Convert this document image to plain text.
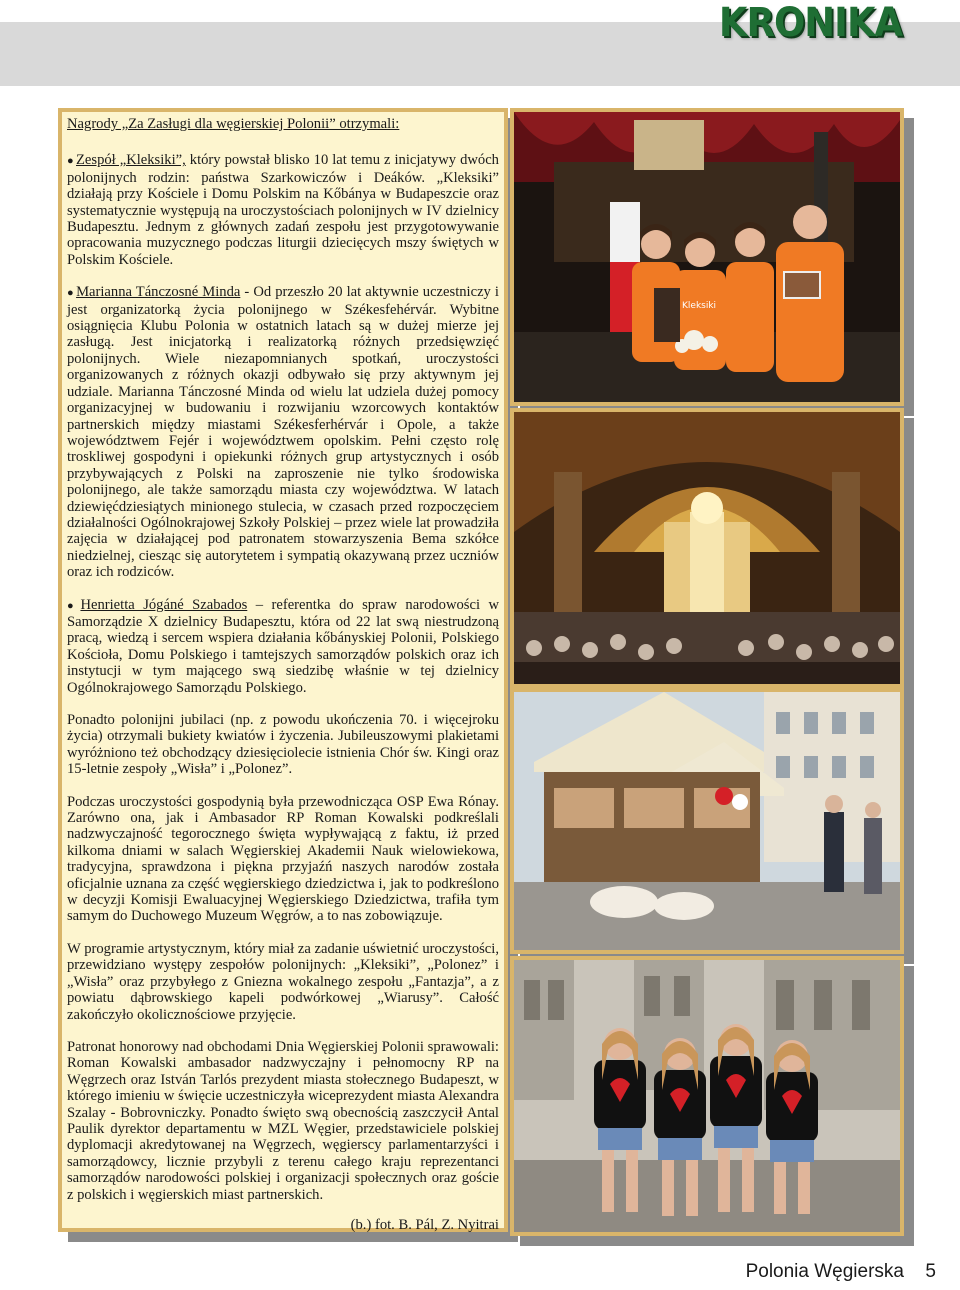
KRONIKA

Nagrody „Za Zasługi dla węgierskiej Polonii” otrzymali:

● Zespół „Kleksiki”, który powstał blisko 10 lat temu z inicjatywy dwóch polonijnych rodzin: państwa Szarkowiczów i Deáków. „Kleksiki” działają przy Kościele i Domu Polskim na Kőbánya w Budapeszcie oraz systematycznie występują na uroczystościach polonijnych w IV dzielnicy Budapesztu. Jednym z głównych zadań zespołu jest przygotowywanie opracowania muzycznego podczas liturgii dziecięcych mszy świętych w Polskim Kościele.

● Marianna Tánczosné Minda - Od przeszło 20 lat aktywnie uczestniczy i jest organizatorką życia polonijnego w Székesfehérvár. Wybitne osiągnięcia Klubu Polonia w ostatnich latach są w dużej mierze jej zasługą. Jest inicjatorką i realizatorką różnych przedsięwzięć polonijnych. Wiele niezapomnianych spotkań, uroczystości organizowanych z różnych okazji odbywało się przy aktywnym jej udziale. Marianna Tánczosné Minda od wielu lat udziela dużej pomocy organizacyjnej w budowaniu i rozwijaniu wzorcowych kontaktów partnerskich między miastami Székesferhérvár i Opole, a także województwem Fejér i województwem opolskim. Pełni często rolę troskliwej gospodyni i opiekunki różnych grup artystycznych i osób przybywających z Polski na zaproszenie nie tylko środowiska polonijnego, ale także samorządu miasta czy województwa. W latach dziewięćdziesiątych minionego stulecia, w czasach przed rozpoczęciem działalności Ogólnokrajowej Szkoły Polskiej – przez wiele lat prowadziła zajęcia w działającej pod patronatem stowarzyszenia Bema szkółce niedzielnej, ciesząc się autorytetem i sympatią okazywaną przez uczniów oraz ich rodziców.

● Henrietta Jógáné Szabados – referentka do spraw narodowości w Samorządzie X dzielnicy Budapesztu, która od 22 lat swą niestrudzoną pracą, wiedzą i sercem wspiera działania kőbányskiej Polonii, Polskiego Kościoła, Domu Polskiego i tamtejszych samorządów polskich oraz ich instytucji w tym mającego swą siedzibę właśnie w tej dzielnicy Ogólnokrajowego Samorządu Polskiego.

Ponadto polonijni jubilaci (np. z powodu ukończenia 70. i więcejroku życia) otrzymali bukiety kwiatów i życzenia. Jubileuszowymi plakietami wyróżniono też obchodzący dziesięciolecie istnienia Chór św. Kingi oraz 15-letnie zespoły „Wisła” i „Polonez”.

Podczas uroczystości gospodynią była przewodnicząca OSP Ewa Rónay. Zarówno ona, jak i Ambasador RP Roman Kowalski podkreślali nadzwyczajność tegorocznego święta wypływającą z faktu, iż przed kilkoma dniami w salach Węgierskiej Akademii Nauk wielowiekowa, tradycyjna, sprawdzona i piękna przyjaźń naszych narodów została oficjalnie uznana za część węgierskiego dziedzictwa i, jak to podkreślono w decyzji Komisji Ewaluacyjnej Węgierskiego Dziedzictwa, trafiła tym samym do Duchowego Muzeum Węgrów, a to nas zobowiązuje.

W programie artystycznym, który miał za zadanie uświetnić uroczystości, przewidziano występy zespołów polonijnych: „Kleksiki”, „Polonez” i „Wisła” oraz przybyłego z Gniezna wokalnego zespołu „Fantazja”, a z powiatu dąbrowskiego kapeli podwórkowej „Wiarusy”. Całość zakończyło okolicznościowe przyjęcie.

Patronat honorowy nad obchodami Dnia Węgierskiej Polonii sprawowali: Roman Kowalski ambasador nadzwyczajny i pełnomocny RP na Węgrzech oraz István Tarlós prezydent miasta stołecznego Budapeszt, w którego imieniu w święcie uczestniczyła wiceprezydent miasta Alexandra Szalay - Bobrovniczky. Ponadto święto swą obecnością zaszczycił Antal Paulik dyrektor departamentu w MZL Węgier, przedstawiciele polskiej dyplomacji akredytowanej na Węgrzech, węgierscy parlamentarzyści i samorządowcy, licznie przybyli z terenu całego kraju reprezentanci samorządów narodowości polskiej i organizacji społecznych oraz goście z polskich i węgierskich miast partnerskich.

(b.) fot. B. Pál, Z. Nyitrai

Kleksiki
Polonia Węgierska 5
